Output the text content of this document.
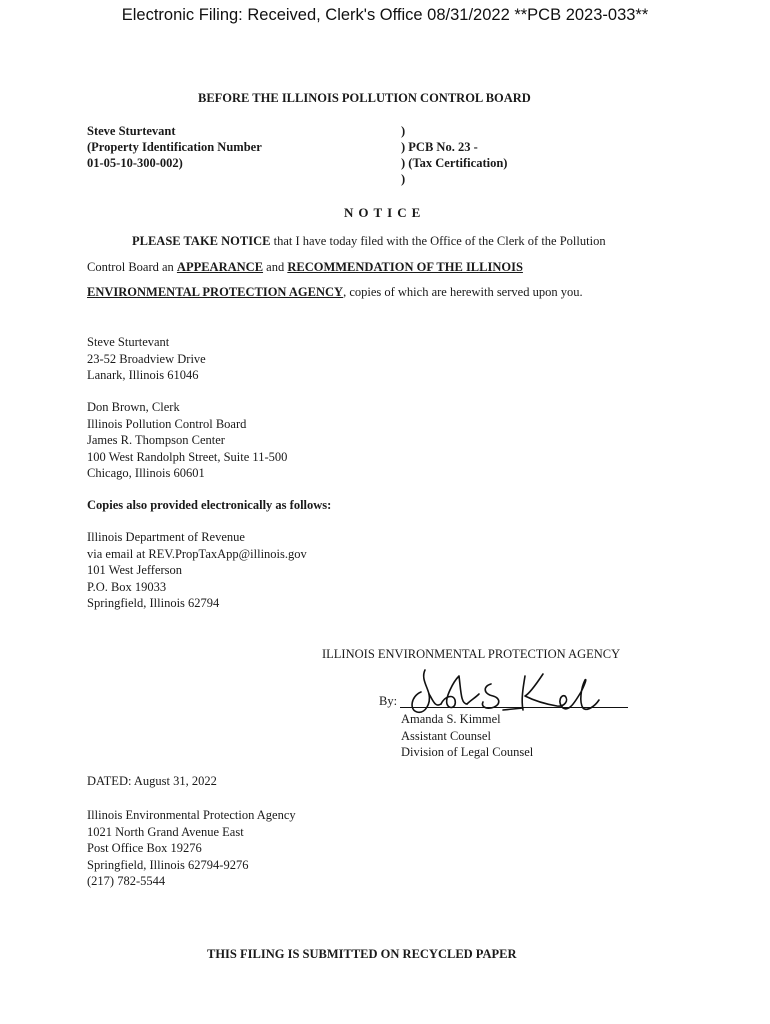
Electronic Filing: Received, Clerk's Office 08/31/2022 **PCB 2023-033**
BEFORE THE ILLINOIS POLLUTION CONTROL BOARD
Steve Sturtevant
(Property Identification Number
01-05-10-300-002)
)
) PCB No. 23 -
) (Tax Certification)
)
NOTICE
PLEASE TAKE NOTICE that I have today filed with the Office of the Clerk of the Pollution
Control Board an APPEARANCE and RECOMMENDATION OF THE ILLINOIS
ENVIRONMENTAL PROTECTION AGENCY, copies of which are herewith served upon you.
Steve Sturtevant
23-52 Broadview Drive
Lanark, Illinois 61046
Don Brown, Clerk
Illinois Pollution Control Board
James R. Thompson Center
100 West Randolph Street, Suite 11-500
Chicago, Illinois 60601
Copies also provided electronically as follows:
Illinois Department of Revenue
via email at REV.PropTaxApp@illinois.gov
101 West Jefferson
P.O. Box 19033
Springfield, Illinois 62794
ILLINOIS ENVIRONMENTAL PROTECTION AGENCY
By:
Amanda S. Kimmel
Assistant Counsel
Division of Legal Counsel
DATED: August 31, 2022
Illinois Environmental Protection Agency
1021 North Grand Avenue East
Post Office Box 19276
Springfield, Illinois 62794-9276
(217) 782-5544
THIS FILING IS SUBMITTED ON RECYCLED PAPER
